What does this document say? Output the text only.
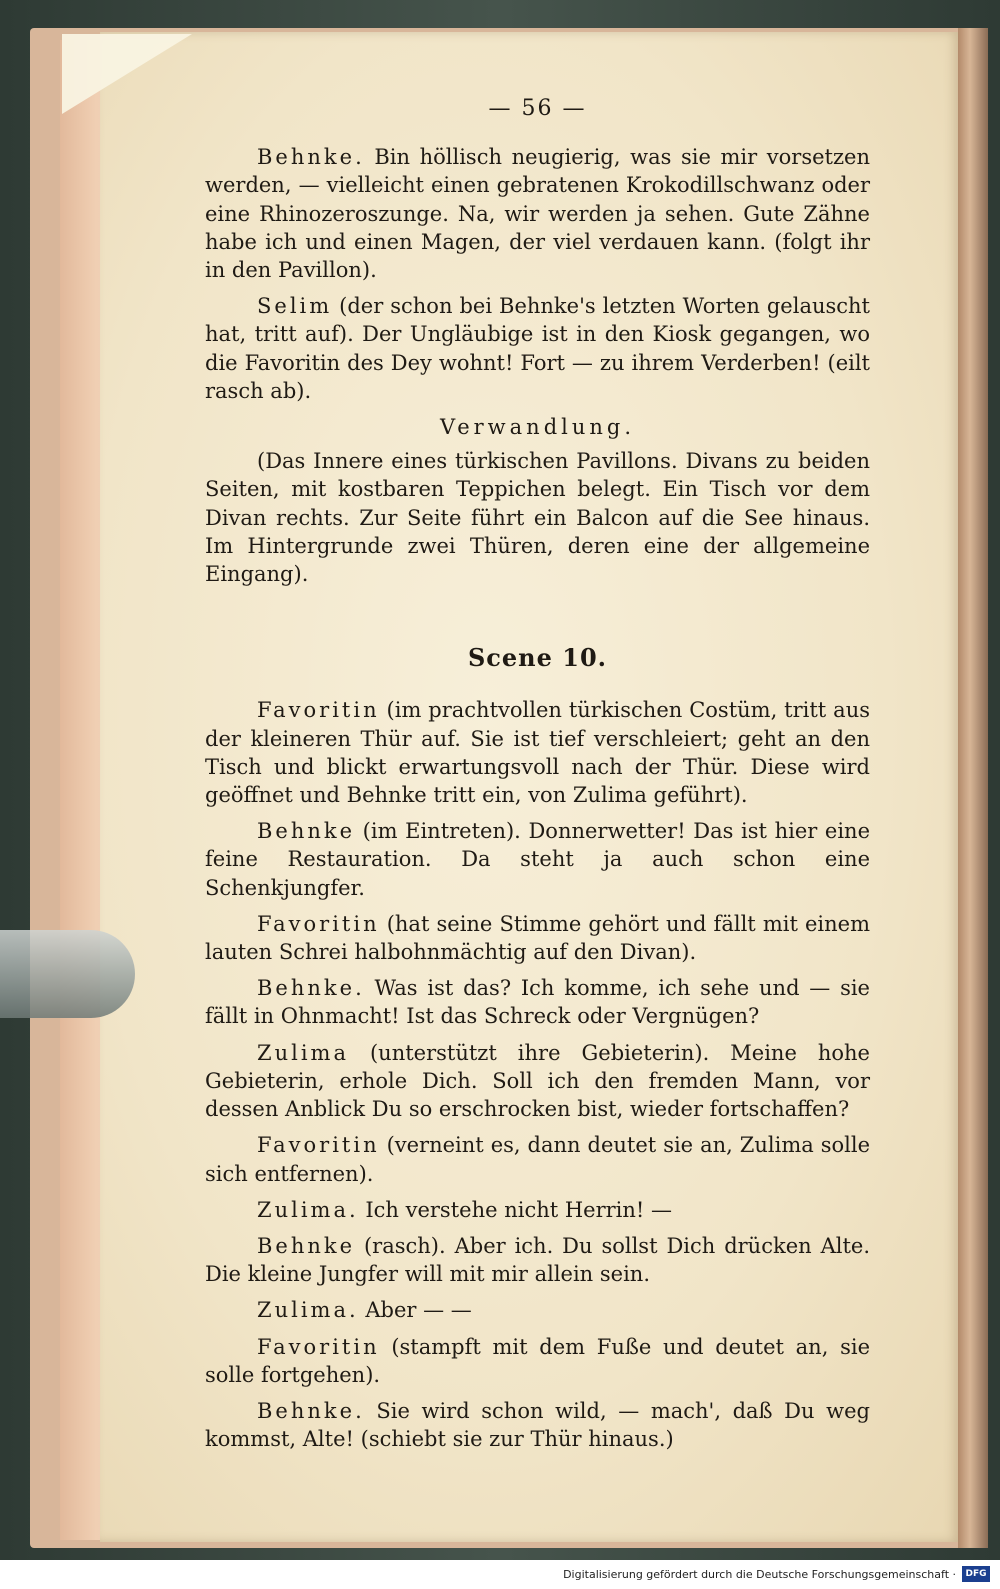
— 56 —

Behnke. Bin höllisch neugierig, was sie mir vorsetzen werden, — vielleicht einen gebratenen Krokodillschwanz oder eine Rhinozeroszunge. Na, wir werden ja sehen. Gute Zähne habe ich und einen Magen, der viel verdauen kann. (folgt ihr in den Pavillon).

Selim (der schon bei Behnke's letzten Worten gelauscht hat, tritt auf). Der Ungläubige ist in den Kiosk gegangen, wo die Favoritin des Dey wohnt! Fort — zu ihrem Verderben! (eilt rasch ab).

Verwandlung.

(Das Innere eines türkischen Pavillons. Divans zu beiden Seiten, mit kostbaren Teppichen belegt. Ein Tisch vor dem Divan rechts. Zur Seite führt ein Balcon auf die See hinaus. Im Hintergrunde zwei Thüren, deren eine der allgemeine Eingang).

Scene 10.

Favoritin (im prachtvollen türkischen Costüm, tritt aus der kleineren Thür auf. Sie ist tief verschleiert; geht an den Tisch und blickt erwartungsvoll nach der Thür. Diese wird geöffnet und Behnke tritt ein, von Zulima geführt).

Behnke (im Eintreten). Donnerwetter! Das ist hier eine feine Restauration. Da steht ja auch schon eine Schenkjungfer.

Favoritin (hat seine Stimme gehört und fällt mit einem lauten Schrei halbohnmächtig auf den Divan).

Behnke. Was ist das? Ich komme, ich sehe und — sie fällt in Ohnmacht! Ist das Schreck oder Vergnügen?

Zulima (unterstützt ihre Gebieterin). Meine hohe Gebieterin, erhole Dich. Soll ich den fremden Mann, vor dessen Anblick Du so erschrocken bist, wieder fortschaffen?

Favoritin (verneint es, dann deutet sie an, Zulima solle sich entfernen).

Zulima. Ich verstehe nicht Herrin! —

Behnke (rasch). Aber ich. Du sollst Dich drücken Alte. Die kleine Jungfer will mit mir allein sein.

Zulima. Aber — —

Favoritin (stampft mit dem Fuße und deutet an, sie solle fortgehen).

Behnke. Sie wird schon wild, — mach', daß Du weg kommst, Alte! (schiebt sie zur Thür hinaus.)

Digitalisierung gefördert durch die Deutsche Forschungsgemeinschaft ·	DFG
